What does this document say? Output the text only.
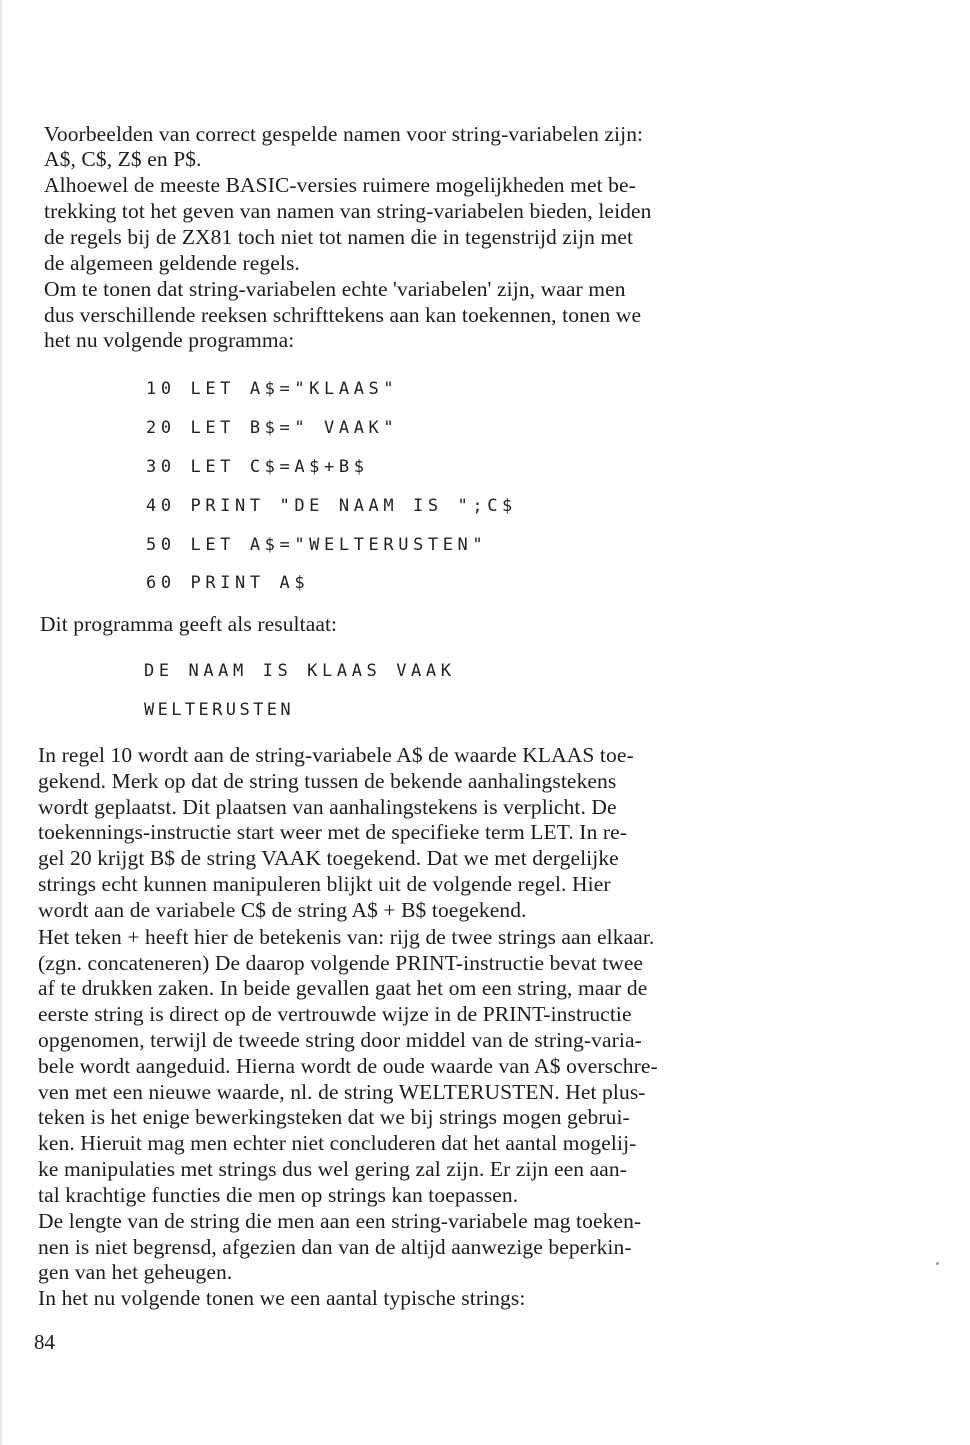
Voorbeelden van correct gespelde namen voor string-variabelen zijn:

A$, C$, Z$ en P$.

Alhoewel de meeste BASIC-versies ruimere mogelijkheden met be-

trekking tot het geven van namen van string-variabelen bieden, leiden

de regels bij de ZX81 toch niet tot namen die in tegenstrijd zijn met

de algemeen geldende regels.

Om te tonen dat string-variabelen echte 'variabelen' zijn, waar men

dus verschillende reeksen schrifttekens aan kan toekennen, tonen we

het nu volgende programma:

10 LET A$="KLAAS"

20 LET B$=" VAAK"

30 LET C$=A$+B$

40 PRINT "DE NAAM IS ";C$

50 LET A$="WELTERUSTEN"

60 PRINT A$

Dit programma geeft als resultaat:

DE NAAM IS KLAAS VAAK

WELTERUSTEN

In regel 10 wordt aan de string-variabele A$ de waarde KLAAS toe-

gekend. Merk op dat de string tussen de bekende aanhalingstekens

wordt geplaatst. Dit plaatsen van aanhalingstekens is verplicht. De

toekennings-instructie start weer met de specifieke term LET. In re-

gel 20 krijgt B$ de string VAAK toegekend. Dat we met dergelijke

strings echt kunnen manipuleren blijkt uit de volgende regel. Hier

wordt aan de variabele C$ de string A$ + B$ toegekend.

Het teken + heeft hier de betekenis van: rijg de twee strings aan elkaar.

(zgn. concateneren) De daarop volgende PRINT-instructie bevat twee

af te drukken zaken. In beide gevallen gaat het om een string, maar de

eerste string is direct op de vertrouwde wijze in de PRINT-instructie

opgenomen, terwijl de tweede string door middel van de string-varia-

bele wordt aangeduid. Hierna wordt de oude waarde van A$ overschre-

ven met een nieuwe waarde, nl. de string WELTERUSTEN. Het plus-

teken is het enige bewerkingsteken dat we bij strings mogen gebrui-

ken. Hieruit mag men echter niet concluderen dat het aantal mogelij-

ke manipulaties met strings dus wel gering zal zijn. Er zijn een aan-

tal krachtige functies die men op strings kan toepassen.

De lengte van de string die men aan een string-variabele mag toeken-

nen is niet begrensd, afgezien dan van de altijd aanwezige beperkin-

gen van het geheugen.

In het nu volgende tonen we een aantal typische strings:

84
